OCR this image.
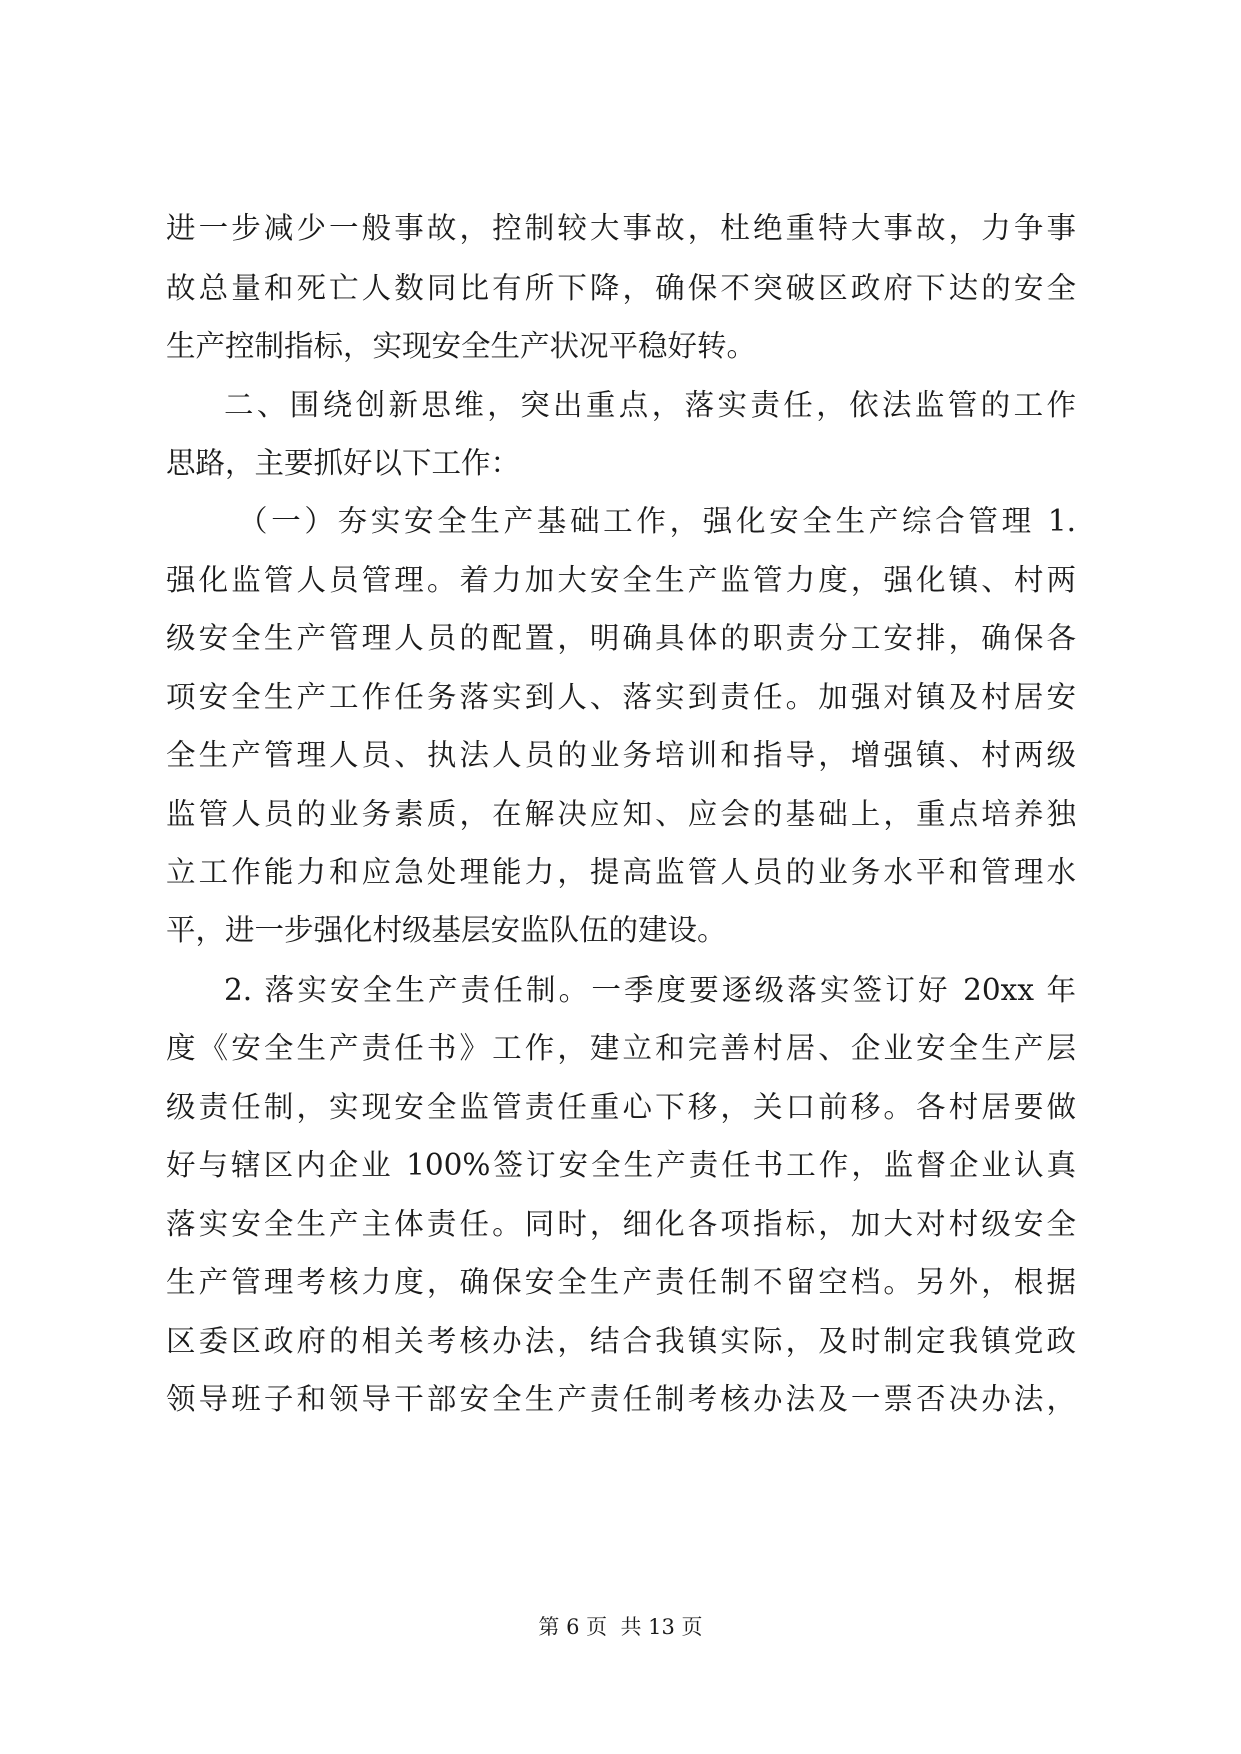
进一步减少一般事故，控制较大事故，杜绝重特大事故，力争事
故总量和死亡人数同比有所下降，确保不突破区政府下达的安全
生产控制指标，实现安全生产状况平稳好转。
二、围绕创新思维，突出重点，落实责任，依法监管的工作
思路，主要抓好以下工作：
（一）夯实安全生产基础工作，强化安全生产综合管理 1.
强化监管人员管理。着力加大安全生产监管力度，强化镇、村两
级安全生产管理人员的配置，明确具体的职责分工安排，确保各
项安全生产工作任务落实到人、落实到责任。加强对镇及村居安
全生产管理人员、执法人员的业务培训和指导，增强镇、村两级
监管人员的业务素质，在解决应知、应会的基础上，重点培养独
立工作能力和应急处理能力，提高监管人员的业务水平和管理水
平，进一步强化村级基层安监队伍的建设。
2. 落实安全生产责任制。一季度要逐级落实签订好 20xx 年
度《安全生产责任书》工作，建立和完善村居、企业安全生产层
级责任制，实现安全监管责任重心下移，关口前移。各村居要做
好与辖区内企业 100%签订安全生产责任书工作，监督企业认真
落实安全生产主体责任。同时，细化各项指标，加大对村级安全
生产管理考核力度，确保安全生产责任制不留空档。另外，根据
区委区政府的相关考核办法，结合我镇实际，及时制定我镇党政
领导班子和领导干部安全生产责任制考核办法及一票否决办法，
第 6 页  共 13 页
